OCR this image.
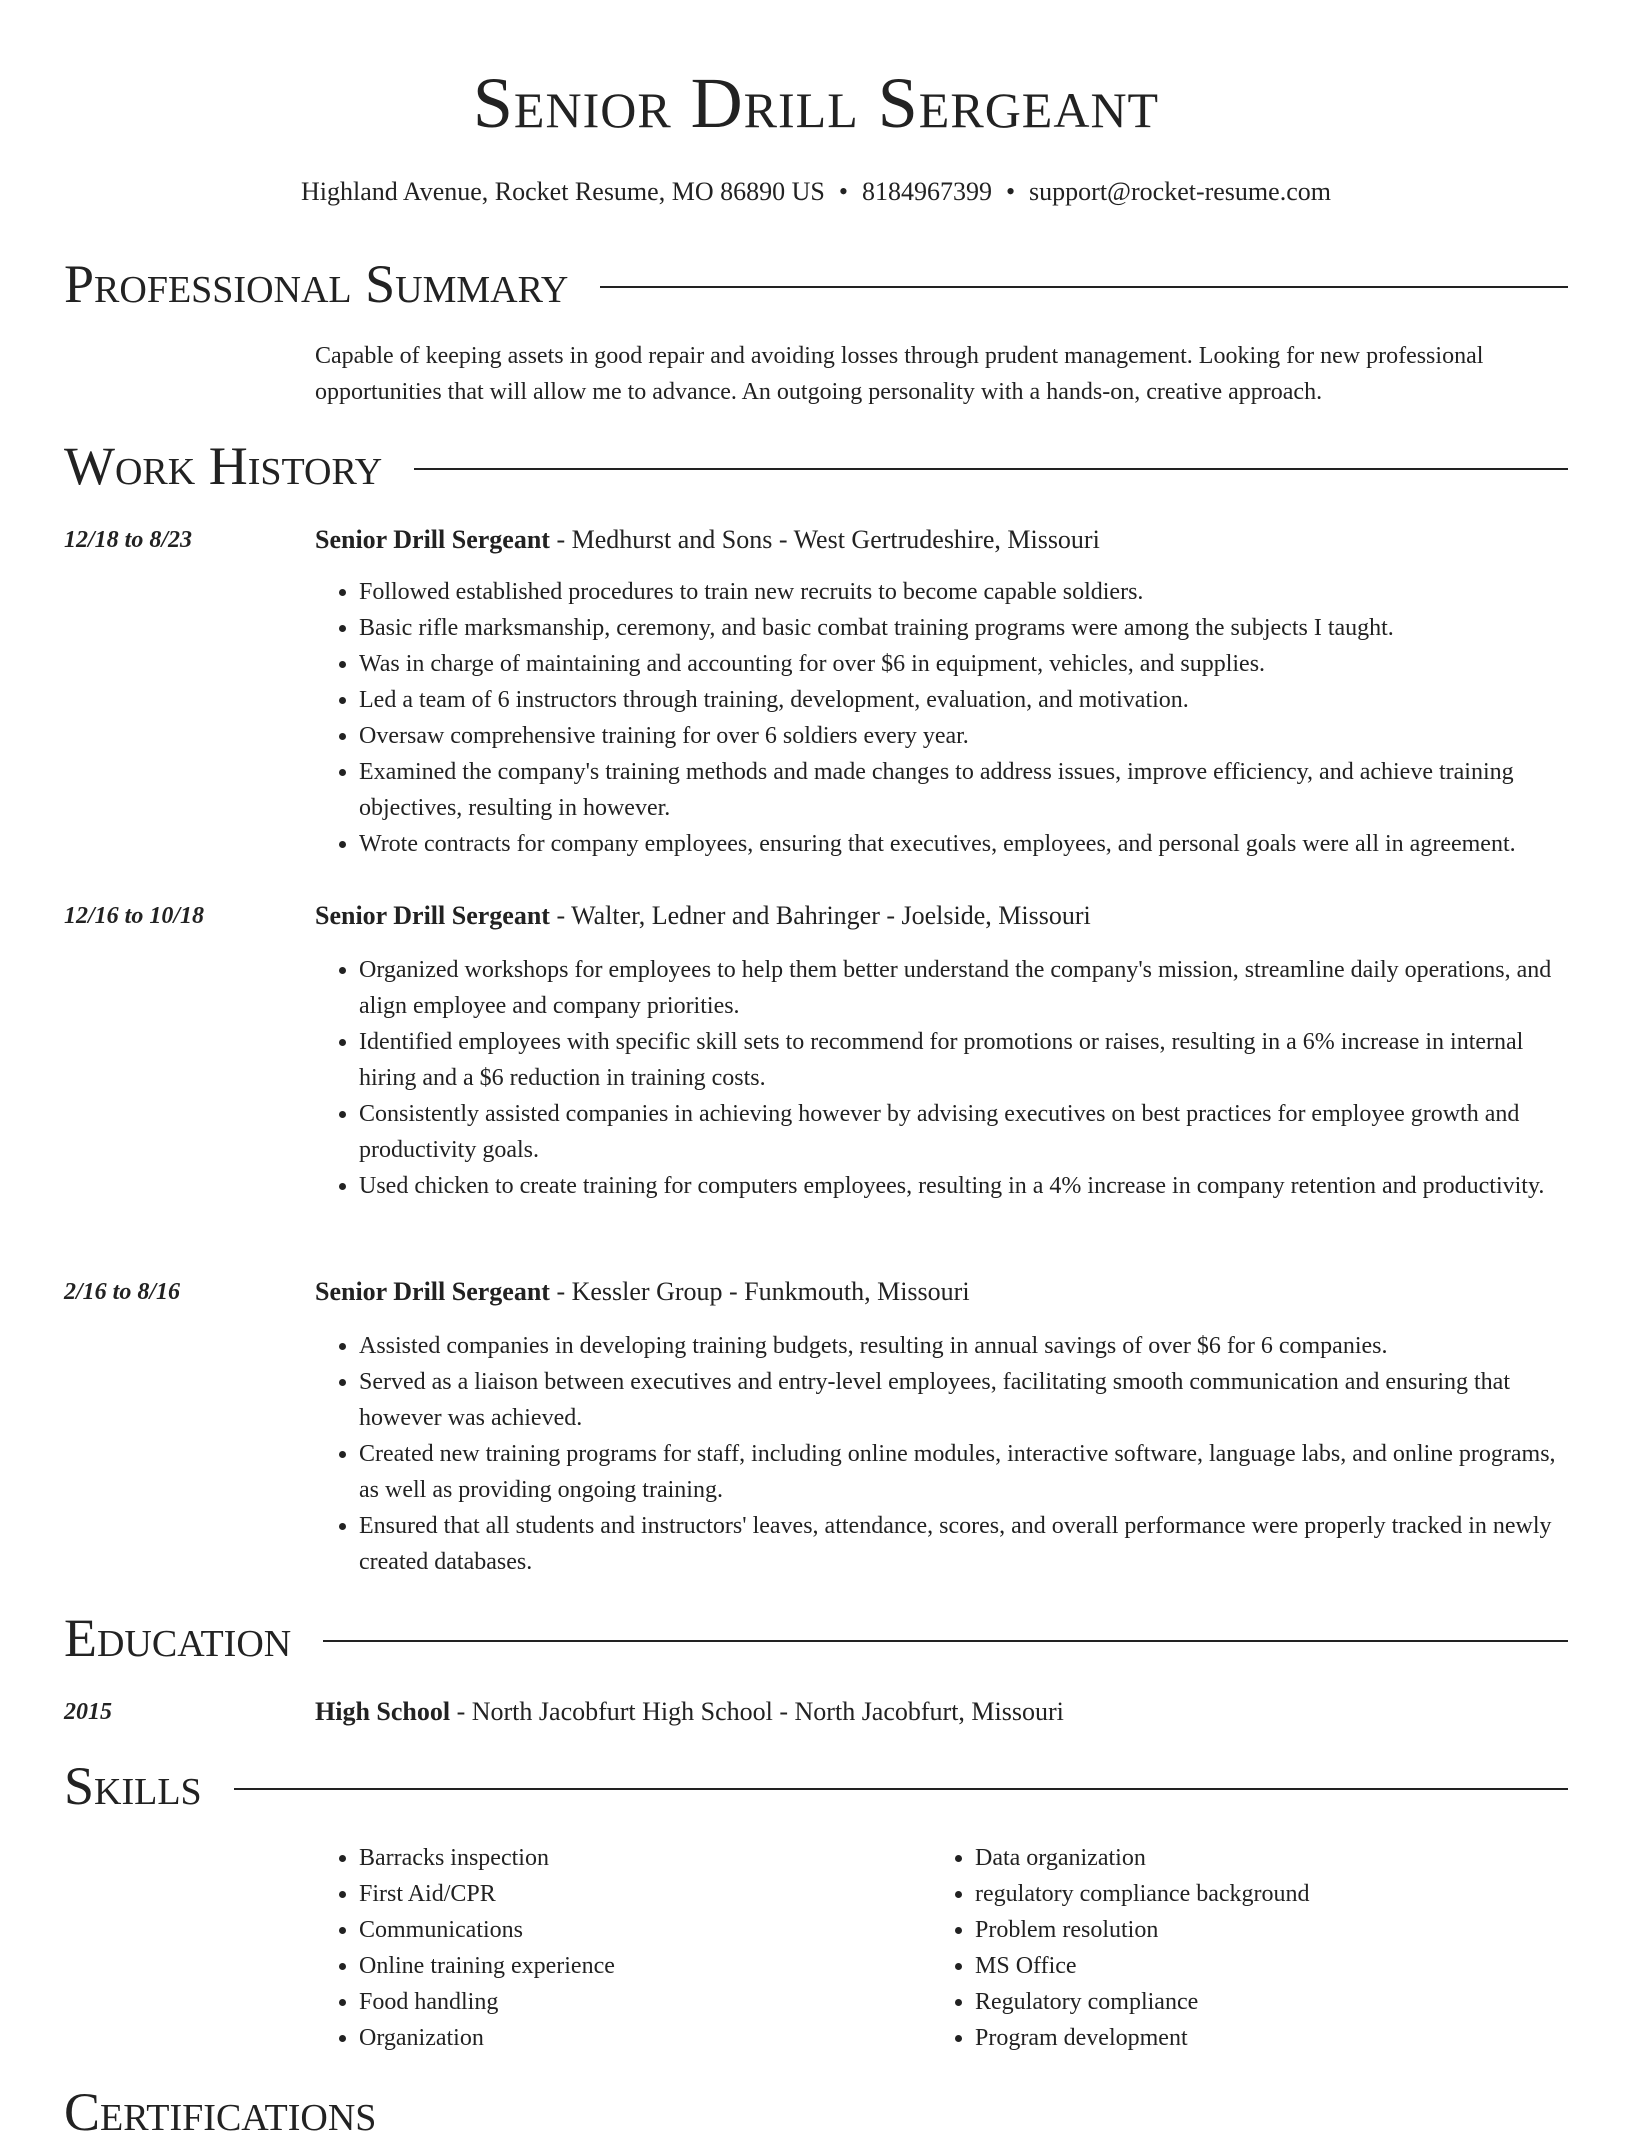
Senior Drill Sergeant
Highland Avenue, Rocket Resume, MO 86890 US • 8184967399 • support@rocket-resume.com
Professional Summary
Capable of keeping assets in good repair and avoiding losses through prudent management. Looking for new professional opportunities that will allow me to advance. An outgoing personality with a hands-on, creative approach.
Work History
12/18 to 8/23	Senior Drill Sergeant - Medhurst and Sons - West Gertrudeshire, Missouri
• Followed established procedures to train new recruits to become capable soldiers.
• Basic rifle marksmanship, ceremony, and basic combat training programs were among the subjects I taught.
• Was in charge of maintaining and accounting for over $6 in equipment, vehicles, and supplies.
• Led a team of 6 instructors through training, development, evaluation, and motivation.
• Oversaw comprehensive training for over 6 soldiers every year.
• Examined the company's training methods and made changes to address issues, improve efficiency, and achieve training objectives, resulting in however.
• Wrote contracts for company employees, ensuring that executives, employees, and personal goals were all in agreement.
12/16 to 10/18	Senior Drill Sergeant - Walter, Ledner and Bahringer - Joelside, Missouri
• Organized workshops for employees to help them better understand the company's mission, streamline daily operations, and align employee and company priorities.
• Identified employees with specific skill sets to recommend for promotions or raises, resulting in a 6% increase in internal hiring and a $6 reduction in training costs.
• Consistently assisted companies in achieving however by advising executives on best practices for employee growth and productivity goals.
• Used chicken to create training for computers employees, resulting in a 4% increase in company retention and productivity.
2/16 to 8/16	Senior Drill Sergeant - Kessler Group - Funkmouth, Missouri
• Assisted companies in developing training budgets, resulting in annual savings of over $6 for 6 companies.
• Served as a liaison between executives and entry-level employees, facilitating smooth communication and ensuring that however was achieved.
• Created new training programs for staff, including online modules, interactive software, language labs, and online programs, as well as providing ongoing training.
• Ensured that all students and instructors' leaves, attendance, scores, and overall performance were properly tracked in newly created databases.
Education
2015	High School - North Jacobfurt High School - North Jacobfurt, Missouri
Skills
• Barracks inspection
• First Aid/CPR
• Communications
• Online training experience
• Food handling
• Organization
• Data organization
• regulatory compliance background
• Problem resolution
• MS Office
• Regulatory compliance
• Program development
Certifications
